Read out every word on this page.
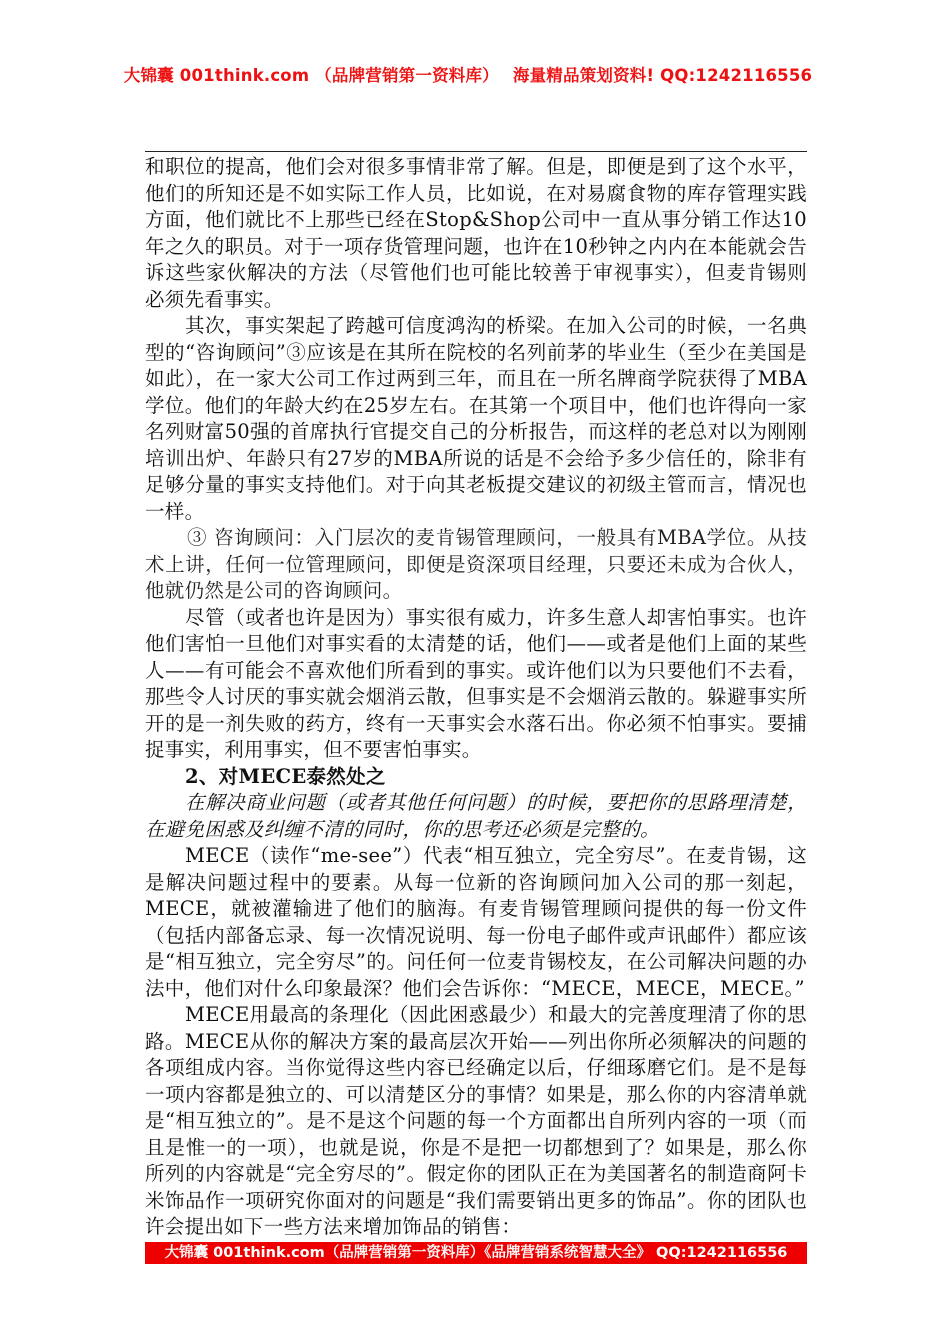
大锦囊 001think.com （品牌营销第一资料库） 海量精品策划资料! QQ:1242116556

和职位的提高，他们会对很多事情非常了解。但是，即便是到了这个水平，他们的所知还是不如实际工作人员，比如说，在对易腐食物的库存管理实践方面，他们就比不上那些已经在Stop&Shop公司中一直从事分销工作达10年之久的职员。对于一项存货管理问题，也许在10秒钟之内内在本能就会告诉这些家伙解决的方法（尽管他们也可能比较善于审视事实），但麦肯锡则必须先看事实。

其次，事实架起了跨越可信度鸿沟的桥梁。在加入公司的时候，一名典型的“咨询顾问”③应该是在其所在院校的名列前茅的毕业生（至少在美国是如此），在一家大公司工作过两到三年，而且在一所名牌商学院获得了MBA学位。他们的年龄大约在25岁左右。在其第一个项目中，他们也许得向一家名列财富50强的首席执行官提交自己的分析报告，而这样的老总对以为刚刚培训出炉、年龄只有27岁的MBA所说的话是不会给予多少信任的，除非有足够分量的事实支持他们。对于向其老板提交建议的初级主管而言，情况也一样。

③ 咨询顾问：入门层次的麦肯锡管理顾问，一般具有MBA学位。从技术上讲，任何一位管理顾问，即便是资深项目经理，只要还未成为合伙人，他就仍然是公司的咨询顾问。

尽管（或者也许是因为）事实很有威力，许多生意人却害怕事实。也许他们害怕一旦他们对事实看的太清楚的话，他们——或者是他们上面的某些人——有可能会不喜欢他们所看到的事实。或许他们以为只要他们不去看，那些令人讨厌的事实就会烟消云散，但事实是不会烟消云散的。躲避事实所开的是一剂失败的药方，终有一天事实会水落石出。你必须不怕事实。要捕捉事实，利用事实，但不要害怕事实。

2、对MECE泰然处之

在解决商业问题（或者其他任何问题）的时候，要把你的思路理清楚，在避免困惑及纠缠不清的同时，你的思考还必须是完整的。

MECE（读作“me-see”）代表“相互独立，完全穷尽”。在麦肯锡，这是解决问题过程中的要素。从每一位新的咨询顾问加入公司的那一刻起，MECE，就被灌输进了他们的脑海。有麦肯锡管理顾问提供的每一份文件（包括内部备忘录、每一次情况说明、每一份电子邮件或声讯邮件）都应该是“相互独立，完全穷尽”的。问任何一位麦肯锡校友，在公司解决问题的办法中，他们对什么印象最深？他们会告诉你：“MECE，MECE，MECE。”

MECE用最高的条理化（因此困惑最少）和最大的完善度理清了你的思路。MECE从你的解决方案的最高层次开始——列出你所必须解决的问题的各项组成内容。当你觉得这些内容已经确定以后，仔细琢磨它们。是不是每一项内容都是独立的、可以清楚区分的事情？如果是，那么你的内容清单就是“相互独立的”。是不是这个问题的每一个方面都出自所列内容的一项（而且是惟一的一项），也就是说，你是不是把一切都想到了？如果是，那么你所列的内容就是“完全穷尽的”。假定你的团队正在为美国著名的制造商阿卡米饰品作一项研究你面对的问题是“我们需要销出更多的饰品”。你的团队也许会提出如下一些方法来增加饰品的销售：

大锦囊 001think.com（品牌营销第一资料库）《品牌营销系统智慧大全》 QQ:1242116556
